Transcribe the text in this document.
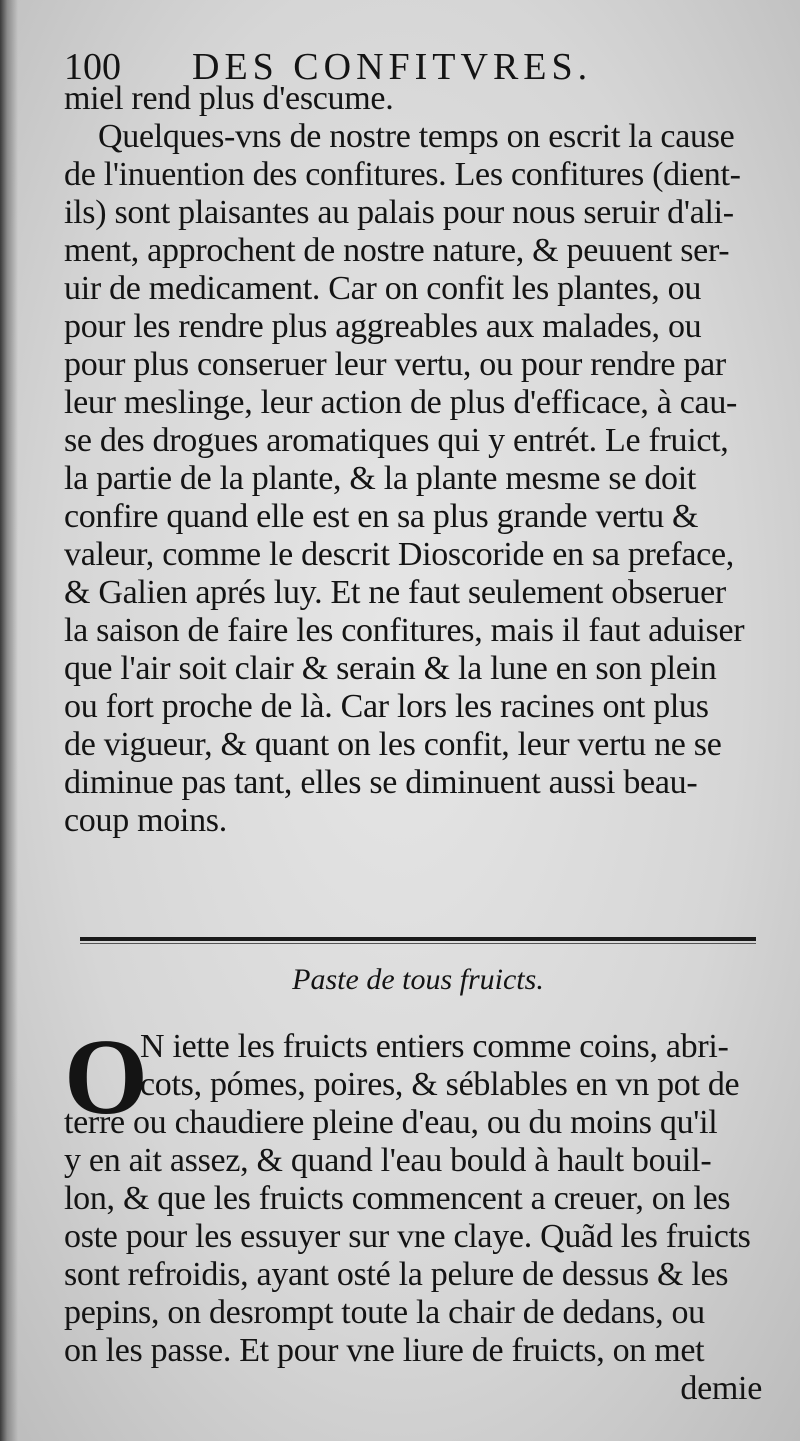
100 DES CONFITVRES.
miel rend plus d'escume.
Quelques-vns de nostre temps on escrit la cause
de l'inuention des confitures. Les confitures (dient-
ils) sont plaisantes au palais pour nous seruir d'ali-
ment, approchent de nostre nature, & peuuent ser-
uir de medicament. Car on confit les plantes, ou
pour les rendre plus aggreables aux malades, ou
pour plus conseruer leur vertu, ou pour rendre par
leur meslinge, leur action de plus d'efficace, à cau-
se des drogues aromatiques qui y entrét. Le fruict,
la partie de la plante, & la plante mesme se doit
confire quand elle est en sa plus grande vertu &
valeur, comme le descrit Dioscoride en sa preface,
& Galien aprés luy. Et ne faut seulement obseruer
la saison de faire les confitures, mais il faut aduiser
que l'air soit clair & serain & la lune en son plein
ou fort proche de là. Car lors les racines ont plus
de vigueur, & quant on les confit, leur vertu ne se
diminue pas tant, elles se diminuent aussi beau-
coup moins.
Paste de tous fruicts.
O
N iette les fruicts entiers comme coins, abri-
cots, pómes, poires, & séblables en vn pot de
terre ou chaudiere pleine d'eau, ou du moins qu'il
y en ait assez, & quand l'eau bould à hault bouil-
lon, & que les fruicts commencent a creuer, on les
oste pour les essuyer sur vne claye. Quãd les fruicts
sont refroidis, ayant osté la pelure de dessus & les
pepins, on desrompt toute la chair de dedans, ou
on les passe. Et pour vne liure de fruicts, on met
demie
